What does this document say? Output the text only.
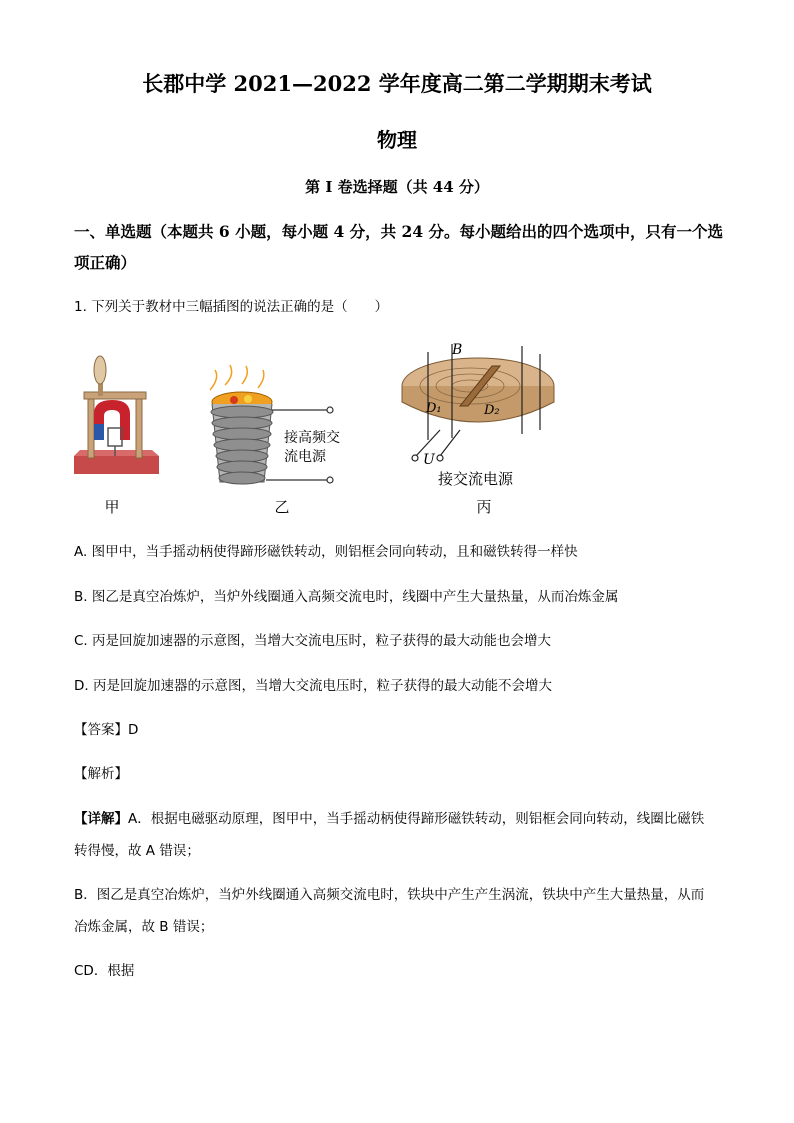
长郡中学 2021—2022 学年度高二第二学期期末考试
物理
第 I 卷选择题（共 44 分）
一、单选题（本题共 6 小题，每小题 4 分，共 24 分。每小题给出的四个选项中，只有一个选
项正确）
1. 下列关于教材中三幅插图的说法正确的是（　　）
甲
接高频交
流电源
乙
B
D₁	D₂
U
接交流电源
丙
A. 图甲中，当手摇动柄使得蹄形磁铁转动，则铝框会同向转动，且和磁铁转得一样快
B. 图乙是真空冶炼炉，当炉外线圈通入高频交流电时，线圈中产生大量热量，从而冶炼金属
C. 丙是回旋加速器的示意图，当增大交流电压时，粒子获得的最大动能也会增大
D. 丙是回旋加速器的示意图，当增大交流电压时，粒子获得的最大动能不会增大
【答案】D
【解析】
【详解】A．根据电磁驱动原理，图甲中，当手摇动柄使得蹄形磁铁转动，则铝框会同向转动，线圈比磁铁
转得慢，故 A 错误；
B．图乙是真空冶炼炉，当炉外线圈通入高频交流电时，铁块中产生产生涡流，铁块中产生大量热量，从而
冶炼金属，故 B 错误；
CD．根据
